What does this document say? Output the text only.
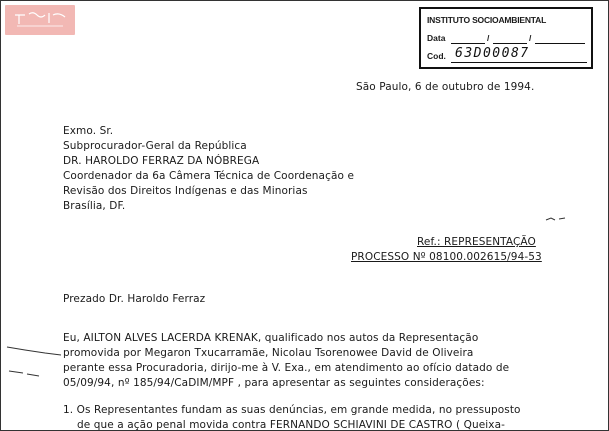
INSTITUTO SOCIOAMBIENTAL
Data	/	/
Cod. 63D00087
São Paulo, 6 de outubro de 1994.
Exmo. Sr.
Subprocurador-Geral da República
DR. HAROLDO FERRAZ DA NÓBREGA
Coordenador da 6a Câmera Técnica de Coordenação e
Revisão dos Direitos Indígenas e das Minorias
Brasília, DF.
Ref.: REPRESENTAÇÃO
PROCESSO Nº 08100.002615/94-53
Prezado Dr. Haroldo Ferraz
Eu, AILTON ALVES LACERDA KRENAK, qualificado nos autos da Representação
promovida por Megaron Txucarramãe, Nicolau Tsorenowee David de Oliveira
perante essa Procuradoria, dirijo-me à V. Exa., em atendimento ao ofício datado de
05/09/94, nº 185/94/CaDIM/MPF , para apresentar as seguintes considerações:
1. Os Representantes fundam as suas denúncias, em grande medida, no pressuposto
de que a ação penal movida contra FERNANDO SCHIAVINI DE CASTRO ( Queixa-
